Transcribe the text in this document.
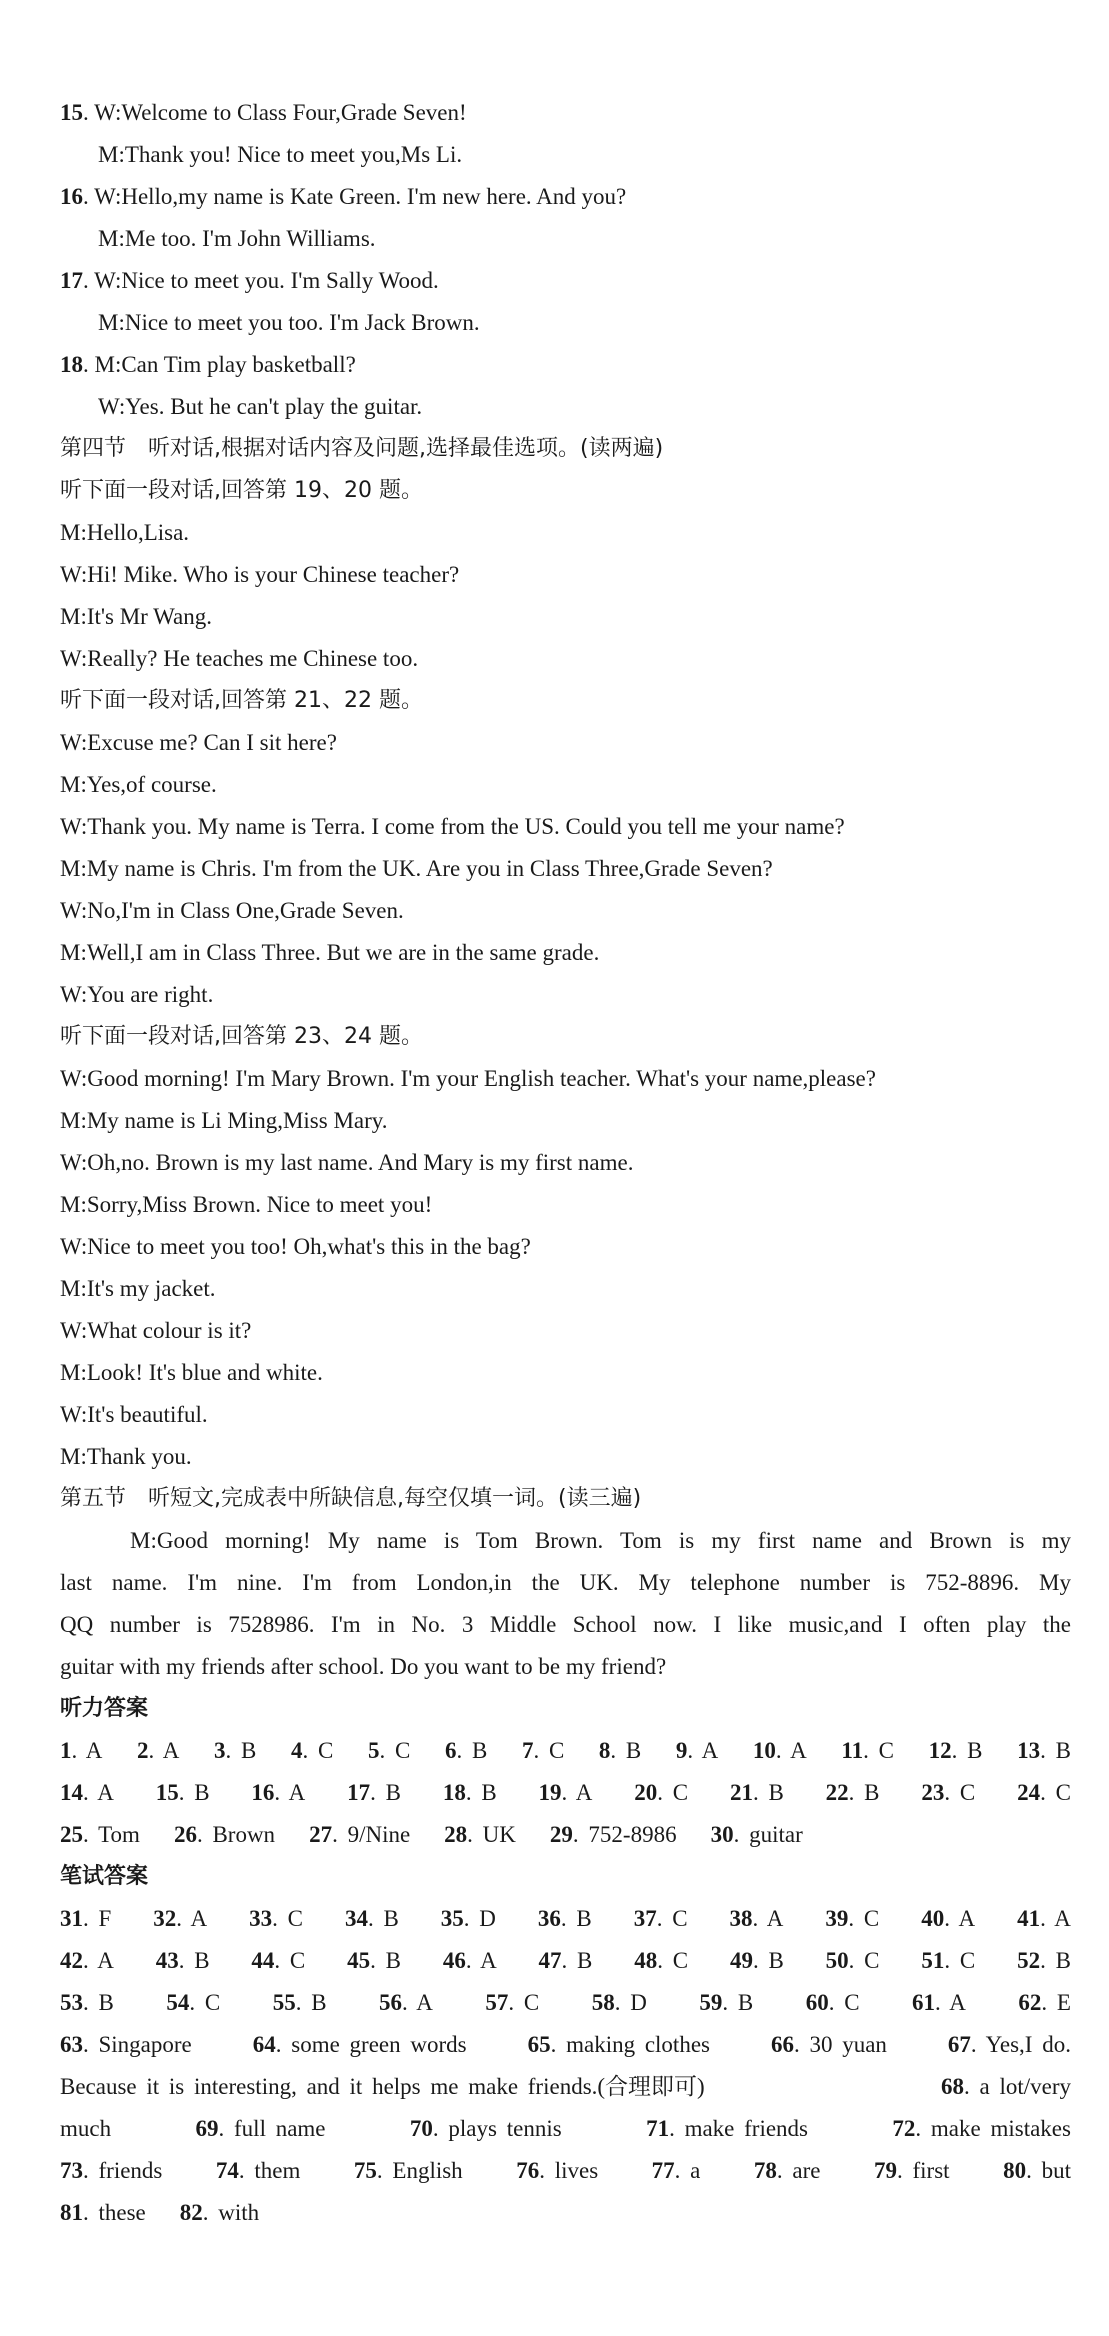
15. W:Welcome to Class Four,Grade Seven!
M:Thank you! Nice to meet you,Ms Li.
16. W:Hello,my name is Kate Green. I'm new here. And you?
M:Me too. I'm John Williams.
17. W:Nice to meet you. I'm Sally Wood.
M:Nice to meet you too. I'm Jack Brown.
18. M:Can Tim play basketball?
W:Yes. But he can't play the guitar.
第四节　听对话,根据对话内容及问题,选择最佳选项。(读两遍)
听下面一段对话,回答第 19、20 题。
M:Hello,Lisa.
W:Hi! Mike. Who is your Chinese teacher?
M:It's Mr Wang.
W:Really? He teaches me Chinese too.
听下面一段对话,回答第 21、22 题。
W:Excuse me? Can I sit here?
M:Yes,of course.
W:Thank you. My name is Terra. I come from the US. Could you tell me your name?
M:My name is Chris. I'm from the UK. Are you in Class Three,Grade Seven?
W:No,I'm in Class One,Grade Seven.
M:Well,I am in Class Three. But we are in the same grade.
W:You are right.
听下面一段对话,回答第 23、24 题。
W:Good morning! I'm Mary Brown. I'm your English teacher. What's your name,please?
M:My name is Li Ming,Miss Mary.
W:Oh,no. Brown is my last name. And Mary is my first name.
M:Sorry,Miss Brown. Nice to meet you!
W:Nice to meet you too! Oh,what's this in the bag?
M:It's my jacket.
W:What colour is it?
M:Look! It's blue and white.
W:It's beautiful.
M:Thank you.
第五节　听短文,完成表中所缺信息,每空仅填一词。(读三遍)
M:Good morning! My name is Tom Brown. Tom is my first name and Brown is my
last name. I'm nine. I'm from London,in the UK. My telephone number is 752-8896. My
QQ number is 7528986. I'm in No. 3 Middle School now. I like music,and I often play the
guitar with my friends after school. Do you want to be my friend?
听力答案
1. A 2. A 3. B 4. C 5. C 6. B 7. C 8. B 9. A 10. A 11. C 12. B 13. B
14. A 15. B 16. A 17. B 18. B 19. A 20. C 21. B 22. B 23. C 24. C
25. Tom 26. Brown 27. 9/Nine 28. UK 29. 752-8986 30. guitar
笔试答案
31. F 32. A 33. C 34. B 35. D 36. B 37. C 38. A 39. C 40. A 41. A
42. A 43. B 44. C 45. B 46. A 47. B 48. C 49. B 50. C 51. C 52. B
53. B 54. C 55. B 56. A 57. C 58. D 59. B 60. C 61. A 62. E
63. Singapore	64. some green words	65. making clothes	66. 30 yuan	67. Yes,I do.
Because it is interesting, and it helps me make friends.(合理即可)	68. a lot/very
much	69. full name	70. plays tennis	71. make friends	72. make mistakes
73. friends 74. them 75. English 76. lives 77. a 78. are 79. first 80. but
81. these 82. with
